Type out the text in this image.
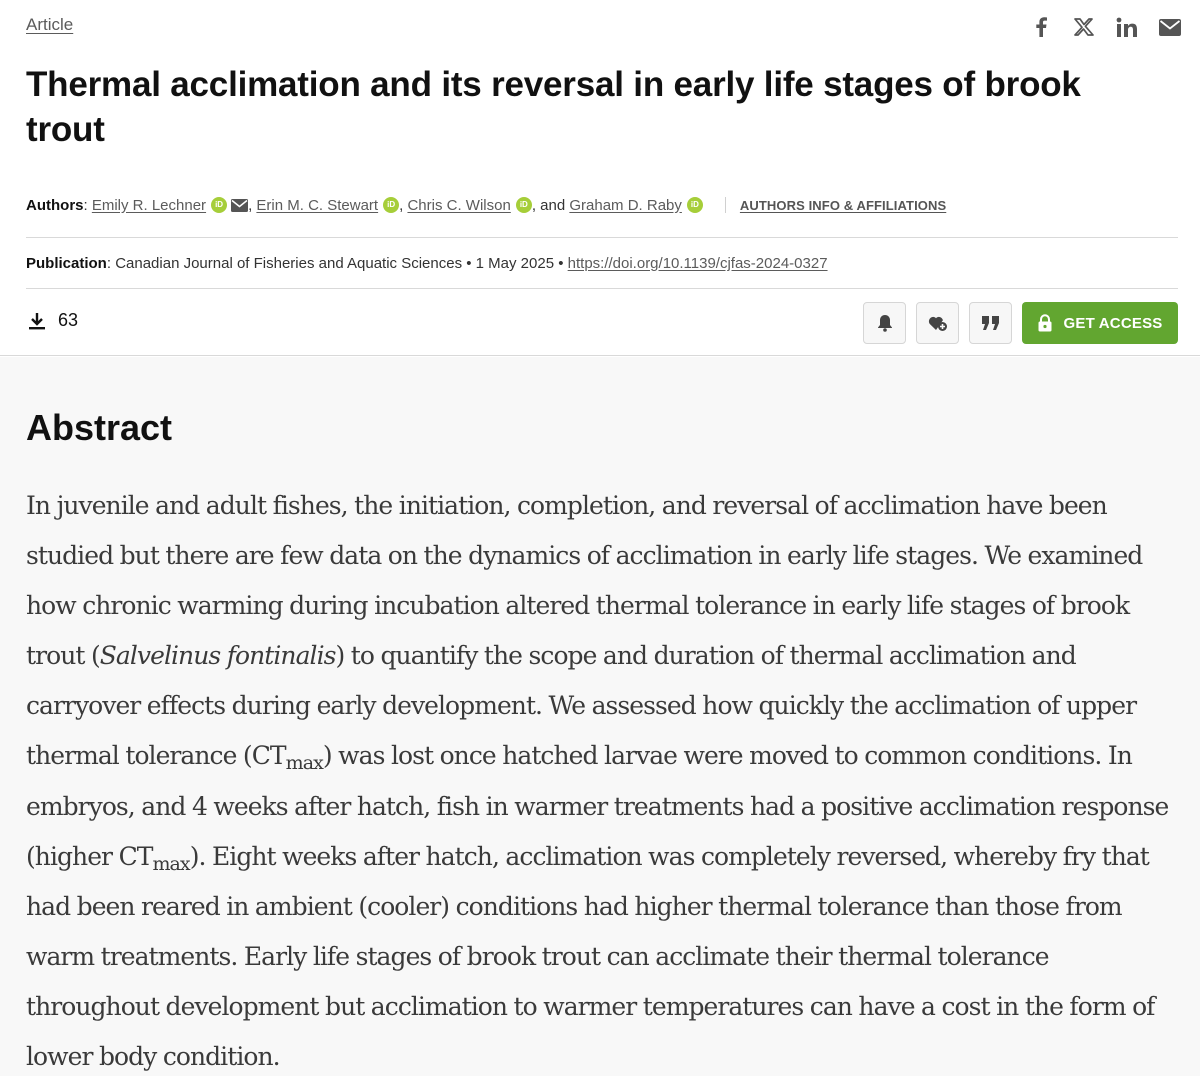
Article
Thermal acclimation and its reversal in early life stages of brook trout
Authors : Emily R. Lechner	iD , Erin M. C. Stewart	iD , Chris C. Wilson	iD , and
Graham D. Raby	iD	AUTHORS INFO & AFFILIATIONS
Publication : Canadian Journal of Fisheries and Aquatic Sciences • 1 May 2025 • https://doi.org/10.1139/cjfas-2024-0327
63	GET ACCESS
Abstract

In juvenile and adult fishes, the initiation, completion, and reversal of acclimation have been studied but there are few data on the dynamics of acclimation in early life stages. We examined how chronic warming during incubation altered thermal tolerance in early life stages of brook trout (Salvelinus fontinalis) to quantify the scope and duration of thermal acclimation and carryover effects during early development. We assessed how quickly the acclimation of upper thermal tolerance $(CT_{max})$ was lost once hatched larvae were moved to common conditions. In embryos, and 4 weeks after hatch, fish in warmer treatments had a positive acclimation response (higher $CT_{max}$). Eight weeks after hatch, acclimation was completely reversed, whereby fry that had been reared in ambient (cooler) conditions had higher thermal tolerance than those from warm treatments. Early life stages of brook trout can acclimate their thermal tolerance throughout development but acclimation to warmer temperatures can have a cost in the form of lower body condition.
